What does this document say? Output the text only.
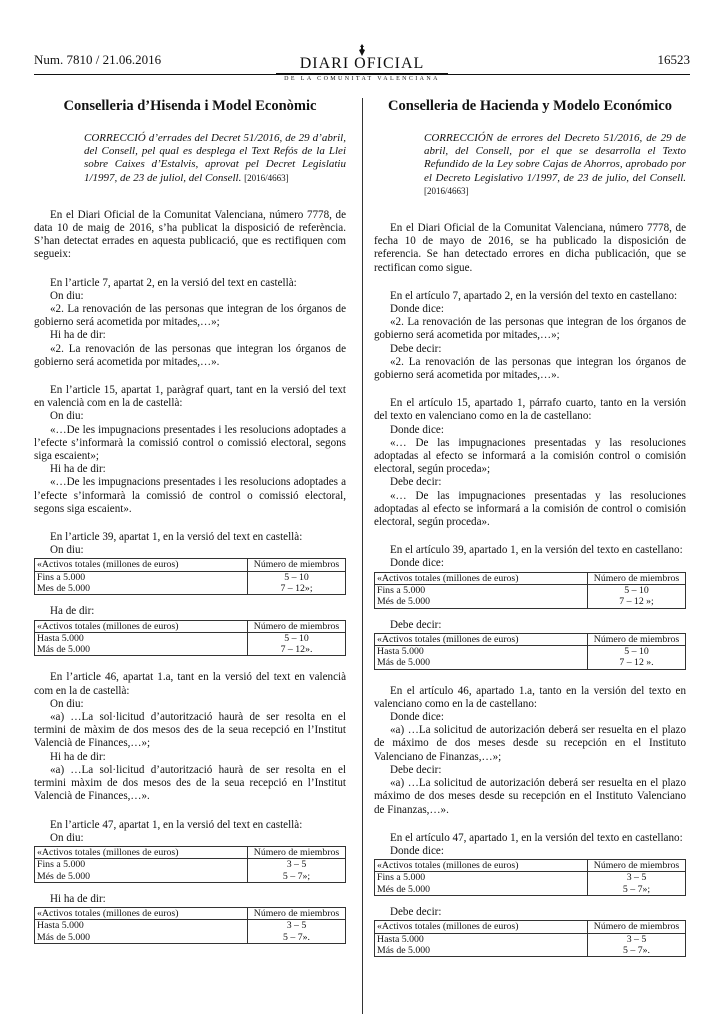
Num. 7810 / 21.06.2016	DIARI OFICIAL
DE LA COMUNITAT VALENCIANA
16523
Conselleria d’Hisenda i Model Econòmic
CORRECCIÓ d’errades del Decret 51/2016, de 29 d’abril, del Consell, pel qual es desplega el Text Refós de la Llei sobre Caixes d’Estalvis, aprovat pel Decret Legislatiu 1/1997, de 23 de juliol, del Consell. [2016/4663]

En el Diari Oficial de la Comunitat Valenciana, número 7778, de data 10 de maig de 2016, s’ha publicat la disposició de referència. S’han detectat errades en aquesta publicació, que es rectifiquen com segueix:

En l’article 7, apartat 2, en la versió del text en castellà:

On diu:

«2. La renovación de las personas que integran de los órganos de gobierno será acometida por mitades,…»;

Hi ha de dir:

«2. La renovación de las personas que integran los órganos de gobierno será acometida por mitades,…».

En l’article 15, apartat 1, paràgraf quart, tant en la versió del text en valencià com en la de castellà:

On diu:

«…De les impugnacions presentades i les resolucions adoptades a l’efecte s’informarà la comissió control o comissió electoral, segons siga escaient»;

Hi ha de dir:

«…De les impugnacions presentades i les resolucions adoptades a l’efecte s’informarà la comissió de control o comissió electoral, segons siga escaient».

En l’article 39, apartat 1, en la versió del text en castellà:

On diu:

«Activos totales (millones de euros)	Número de miembros
Fins a 5.000	5 – 10
Mes de 5.000	7 – 12»;

Ha de dir:

«Activos totales (millones de euros)	Número de miembros
Hasta 5.000	5 – 10
Más de 5.000	7 – 12».

En l’article 46, apartat 1.a, tant en la versió del text en valencià com en la de castellà:

On diu:

«a) …La sol·licitud d’autorització haurà de ser resolta en el termini de màxim de dos mesos des de la seua recepció en l’Institut Valencià de Finances,…»;

Hi ha de dir:

«a) …La sol·licitud d’autorització haurà de ser resolta en el termini màxim de dos mesos des de la seua recepció en l’Institut Valencià de Finances,…».

En l’article 47, apartat 1, en la versió del text en castellà:

On diu:

«Activos totales (millones de euros)	Número de miembros
Fins a 5.000	3 – 5
Més de 5.000	5 – 7»;

Hi ha de dir:

«Activos totales (millones de euros)	Número de miembros
Hasta 5.000	3 – 5
Más de 5.000	5 – 7».
Conselleria de Hacienda y Modelo Económico
CORRECCIÓN de errores del Decreto 51/2016, de 29 de abril, del Consell, por el que se desarrolla el Texto Refundido de la Ley sobre Cajas de Ahorros, aprobado por el Decreto Legislativo 1/1997, de 23 de julio, del Consell. [2016/4663]

En el Diari Oficial de la Comunitat Valenciana, número 7778, de fecha 10 de mayo de 2016, se ha publicado la disposición de referencia. Se han detectado errores en dicha publicación, que se rectifican como sigue.

En el artículo 7, apartado 2, en la versión del texto en castellano:

Donde dice:

«2. La renovación de las personas que integran de los órganos de gobierno será acometida por mitades,…»;

Debe decir:

«2. La renovación de las personas que integran los órganos de gobierno será acometida por mitades,…».

En el artículo 15, apartado 1, párrafo cuarto, tanto en la versión del texto en valenciano como en la de castellano:

Donde dice:

«… De las impugnaciones presentadas y las resoluciones adoptadas al efecto se informará a la comisión control o comisión electoral, según proceda»;

Debe decir:

«… De las impugnaciones presentadas y las resoluciones adoptadas al efecto se informará a la comisión de control o comisión electoral, según proceda».

En el artículo 39, apartado 1, en la versión del texto en castellano:

Donde dice:

«Activos totales (millones de euros)	Número de miembros
Fins a 5.000	5 – 10
Més de 5.000	7 – 12 »;

Debe decir:

«Activos totales (millones de euros)	Número de miembros
Hasta 5.000	5 – 10
Más de 5.000	7 – 12 ».

En el artículo 46, apartado 1.a, tanto en la versión del texto en valenciano como en la de castellano:

Donde dice:

«a) …La solicitud de autorización deberá ser resuelta en el plazo de máximo de dos meses desde su recepción en el Instituto Valenciano de Finanzas,…»;

Debe decir:

«a) …La solicitud de autorización deberá ser resuelta en el plazo máximo de dos meses desde su recepción en el Instituto Valenciano de Finanzas,…».

En el artículo 47, apartado 1, en la versión del texto en castellano:

Donde dice:

«Activos totales (millones de euros)	Número de miembros
Fins a 5.000	3 – 5
Més de 5.000	5 – 7»;

Debe decir:

«Activos totales (millones de euros)	Número de miembros
Hasta 5.000	3 – 5
Más de 5.000	5 – 7».
